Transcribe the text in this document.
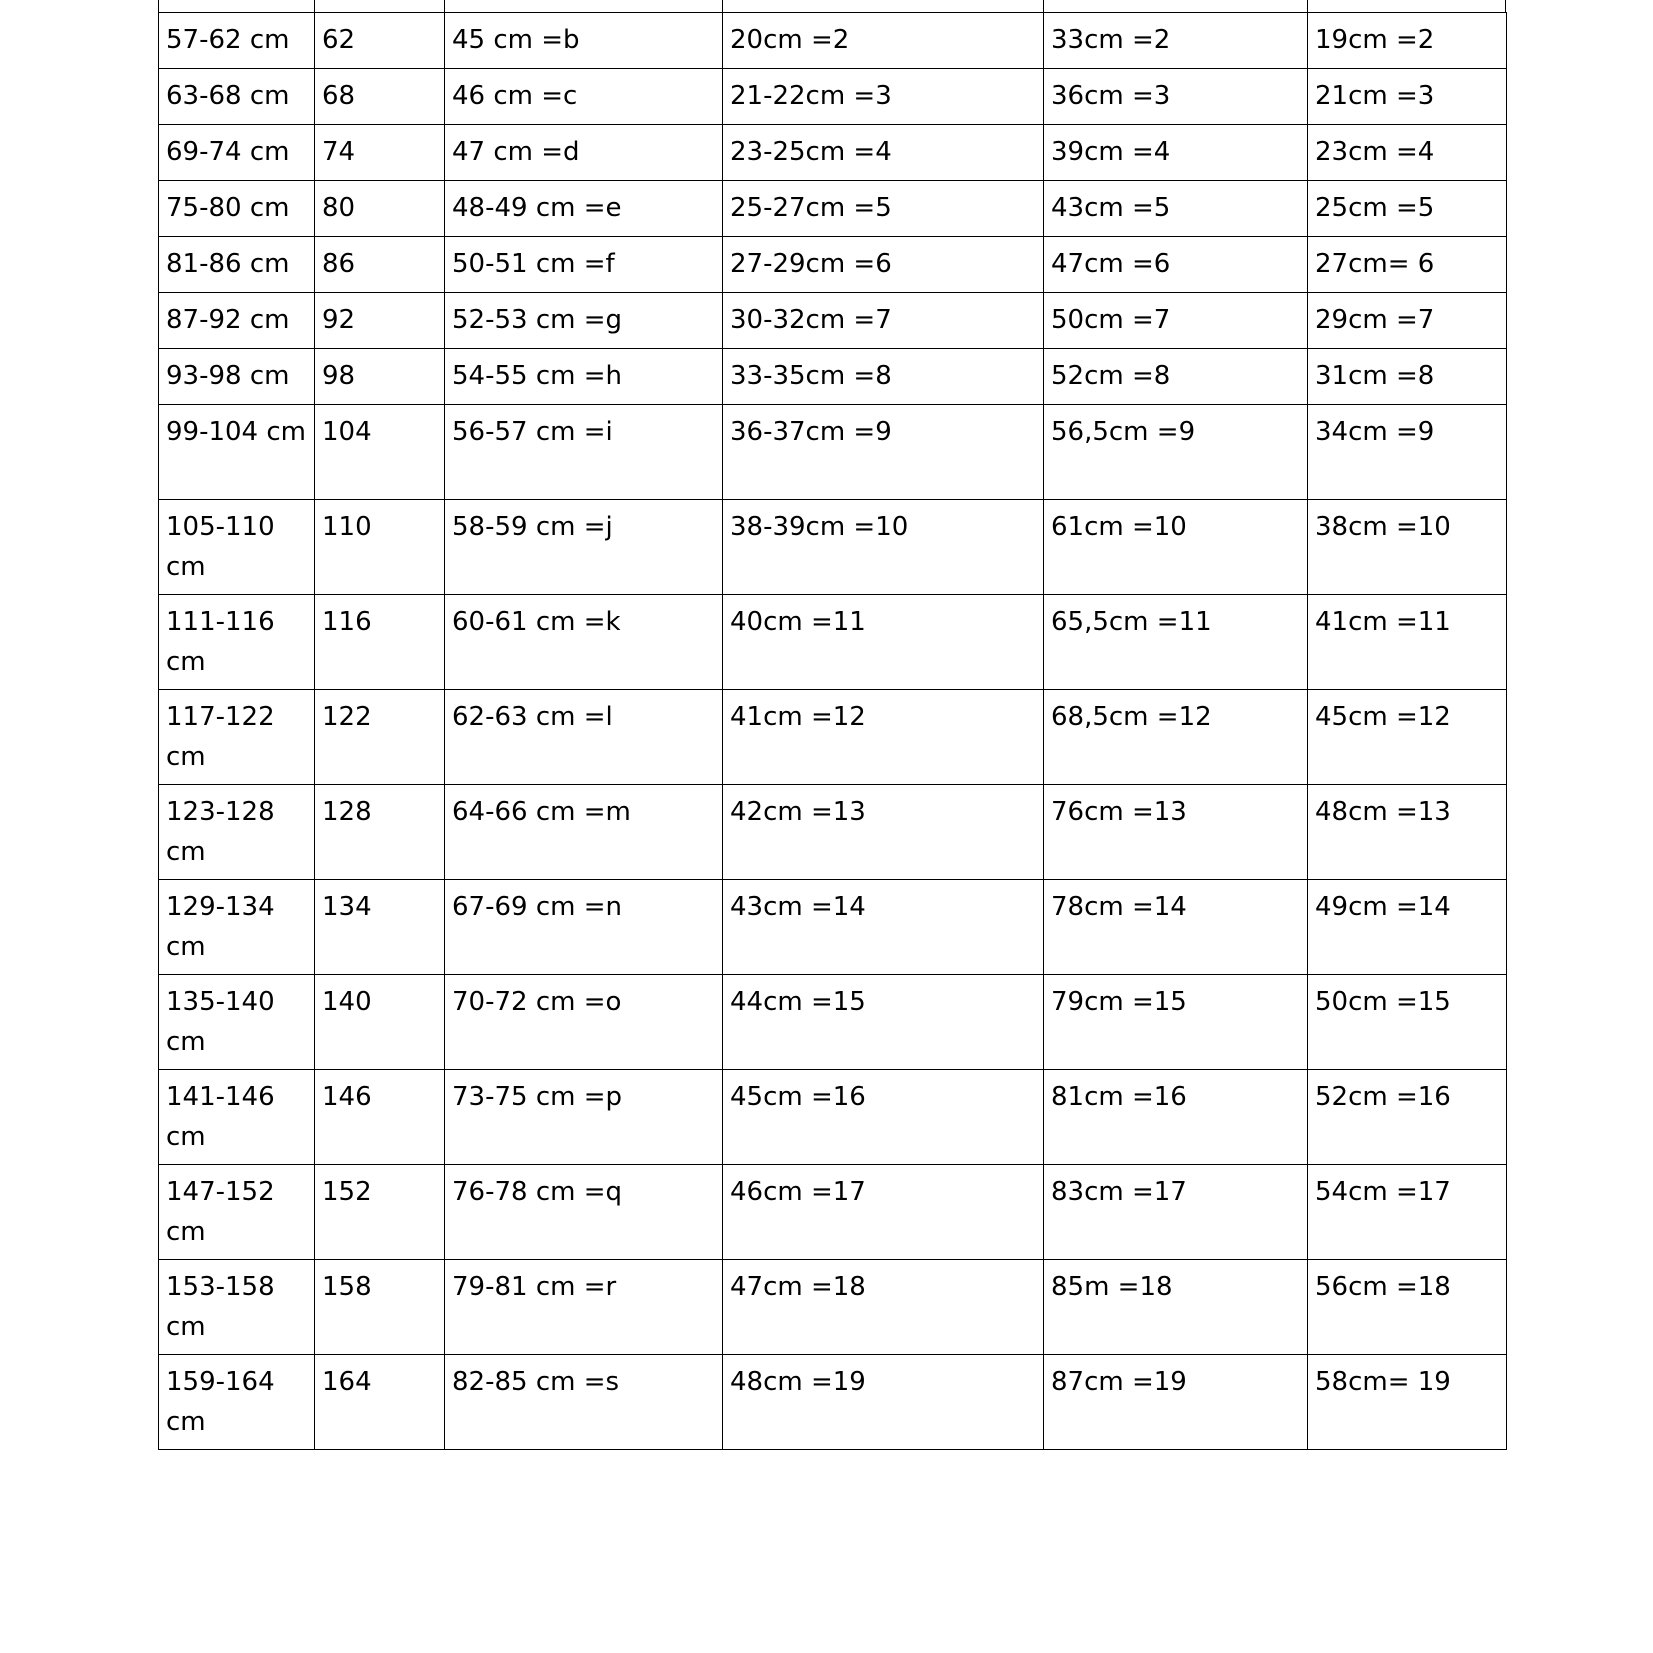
57-62 cm	62	45 cm =b	20cm =2	33cm =2	19cm =2
63-68 cm	68	46 cm =c	21-22cm =3	36cm =3	21cm =3
69-74 cm	74	47 cm =d	23-25cm =4	39cm =4	23cm =4
75-80 cm	80	48-49 cm =e	25-27cm =5	43cm =5	25cm =5
81-86 cm	86	50-51 cm =f	27-29cm =6	47cm =6	27cm= 6
87-92 cm	92	52-53 cm =g	30-32cm =7	50cm =7	29cm =7
93-98 cm	98	54-55 cm =h	33-35cm =8	52cm =8	31cm =8
99-104 cm	104	56-57 cm =i	36-37cm =9	56,5cm =9	34cm =9
105-110 cm	110	58-59 cm =j	38-39cm =10	61cm =10	38cm =10
111-116 cm	116	60-61 cm =k	40cm =11	65,5cm =11	41cm =11
117-122 cm	122	62-63 cm =l	41cm =12	68,5cm =12	45cm =12
123-128 cm	128	64-66 cm =m	42cm =13	76cm =13	48cm =13
129-134 cm	134	67-69 cm =n	43cm =14	78cm =14	49cm =14
135-140 cm	140	70-72 cm =o	44cm =15	79cm =15	50cm =15
141-146 cm	146	73-75 cm =p	45cm =16	81cm =16	52cm =16
147-152 cm	152	76-78 cm =q	46cm =17	83cm =17	54cm =17
153-158 cm	158	79-81 cm =r	47cm =18	85m =18	56cm =18
159-164 cm	164	82-85 cm =s	48cm =19	87cm =19	58cm= 19
